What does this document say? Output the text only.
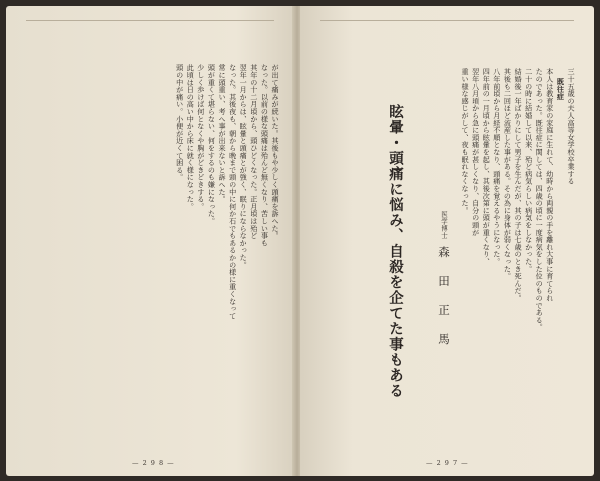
が出て痛みが続いた。其後もや少しく頭痛を訴へた。
なった。以前の様な頭痛は殆んど無くなり、苦しい事も
其年の十二月頃から、頭ひどくなった。正月頃は殆ど
翌年一月からは、眩暈と頭痛とが強く、眠りにならなかった。
なった。其後夜も、朝から晩まで頭の中に何か石でもあるかの様に重くなって
常に頭重い、考へ事が出来ないと訴へた。
頭が重くて堪らない、何をするのも嫌になった。
少しく歩けば何となくや胸がどきどきする。
此頃は日の高い中から床に就く様になった。
頭の中が痛い。小便が近くて困る。
— 2 9 8 —
眩暈・頭痛に悩み、自殺を企てた事もある	医学博士 森　田　正　馬
三十五歳の夫人高等女学校卒業する
既往症
本人は教育家の家庭に生れて、幼時から両親の手を離れ大事に育てられ
たのであった。既往症に関しては、四歳の頃に一度病気をした位のものである。
二十の時に結婚して以来、殆ど病気らしい病気をしなかった。
結婚後一年ばかりにして男子を生んだが、其の子は七歳のとき死んだ。
其後も二回ほど流産した事がある。その為に身体が弱くなった。
八年前頃から月経不順となり、頭痛を覚えるやうになった。
四年前の一月頃から眩暈を起し、其後次第に頭が重くなり、
翌年八月頃から急に頭痛が甚しくなり、自分の頭が
重い様な感じがして、夜も眠れなくなった。
— 2 9 7 —
